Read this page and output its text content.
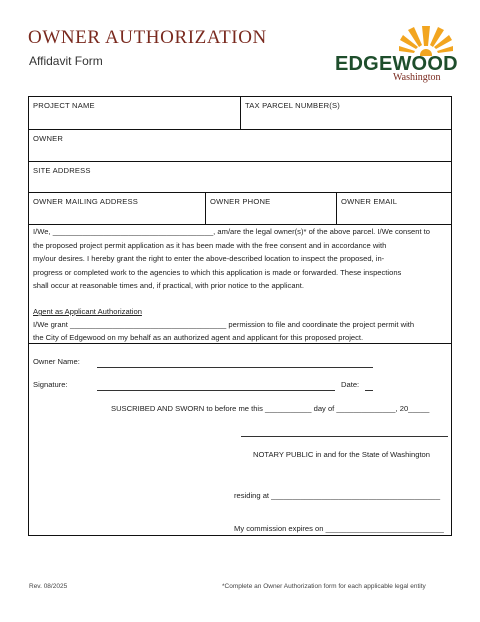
OWNER AUTHORIZATION
Affidavit Form	EDGEWOOD
Washington
PROJECT NAME	TAX PARCEL NUMBER(S)
OWNER
SITE ADDRESS
OWNER MAILING ADDRESS	OWNER PHONE	OWNER EMAIL
I/We, ______________________________________, am/are the legal owner(s)* of the above parcel. I/We consent to
the proposed project permit application as it has been made with the free consent and in accordance with
my/our desires. I hereby grant the right to enter the above-described location to inspect the proposed, in-
progress or completed work to the agencies to which this application is made or forwarded. These inspections
shall occur at reasonable times and, if practical, with prior notice to the applicant.
Agent as Applicant Authorization
I/We grant _____________________________________ permission to file and coordinate the project permit with
the City of Edgewood on my behalf as an authorized agent and applicant for this proposed project.
Owner Name:
Signature:	Date:
SUSCRIBED AND SWORN to before me this ___________ day of ______________, 20_____
NOTARY PUBLIC in and for the State of Washington
residing at ________________________________________
My commission expires on ____________________________
Rev. 08/2025	*Complete an Owner Authorization form for each applicable legal entity
